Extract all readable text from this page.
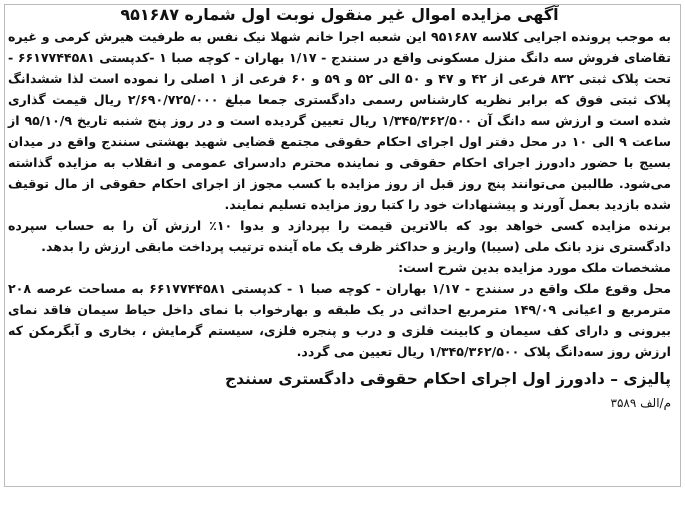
آگهی مزایده اموال غیر منقول نوبت اول شماره ۹۵۱۶۸۷

به موجب پرونده اجرایی کلاسه ۹۵۱۶۸۷ این شعبه اجرا خانم شهلا نیک نفس به طرفیت هیرش کرمی و غیره تقاضای فروش سه دانگ منزل مسکونی واقع در سنندج - ۱/۱۷ بهاران - کوچه صبا ۱ -کدپستی ۶۶۱۷۷۴۴۵۸۱ - تحت پلاک ثبتی ۸۳۲ فرعی از ۴۲ و ۴۷ و ۵۰ الی ۵۲ و ۵۹ و ۶۰ فرعی از ۱ اصلی را نموده است لذا ششدانگ پلاک ثبتی فوق که برابر نظریه کارشناس رسمی دادگستری جمعا مبلغ ۲/۶۹۰/۷۲۵/۰۰۰ ریال قیمت گذاری شده است و ارزش سه دانگ آن ۱/۳۴۵/۳۶۲/۵۰۰ ریال تعیین گردیده است و در روز پنج شنبه تاریخ ۹۵/۱۰/۹ از ساعت ۹ الی ۱۰ در محل دفتر اول اجرای احکام حقوقی مجتمع قضایی شهید بهشتی سنندج واقع در میدان بسیج با حضور دادورز اجرای احکام حقوقی و نماینده محترم دادسرای عمومی و انقلاب به مزایده گذاشته می‌شود. طالبین می‌توانند پنج روز قبل از روز مزایده با کسب مجوز از اجرای احکام حقوقی از مال توقیف شده بازدید بعمل آورند و پیشنهادات خود را کتبا روز مزایده تسلیم نمایند.

برنده مزایده کسی خواهد بود که بالاترین قیمت را بپردازد و بدوا ۱۰٪ ارزش آن را به حساب سپرده دادگستری نزد بانک ملی (سیبا) واریز و حداکثر ظرف یک ماه آینده ترتیب پرداخت مابقی ارزش را بدهد.

مشخصات ملک مورد مزایده بدین شرح است:

محل وقوع ملک واقع در سنندج - ۱/۱۷ بهاران - کوچه صبا ۱ - کدپستی ۶۶۱۷۷۴۴۵۸۱ به مساحت عرصه ۲۰۸ مترمربع و اعیانی ۱۴۹/۰۹ مترمربع احداثی در یک طبقه و بهارخواب با نمای داخل حیاط سیمان فاقد نمای بیرونی و دارای کف سیمان و کابینت فلزی و درب و پنجره فلزی، سیستم گرمایش ، بخاری و آبگرمکن که ارزش روز سه‌دانگ پلاک ۱/۳۴۵/۳۶۲/۵۰۰ ریال تعیین می گردد.

پالیزی – دادورز اول اجرای احکام حقوقی دادگستری سنندج

م/الف ۳۵۸۹
